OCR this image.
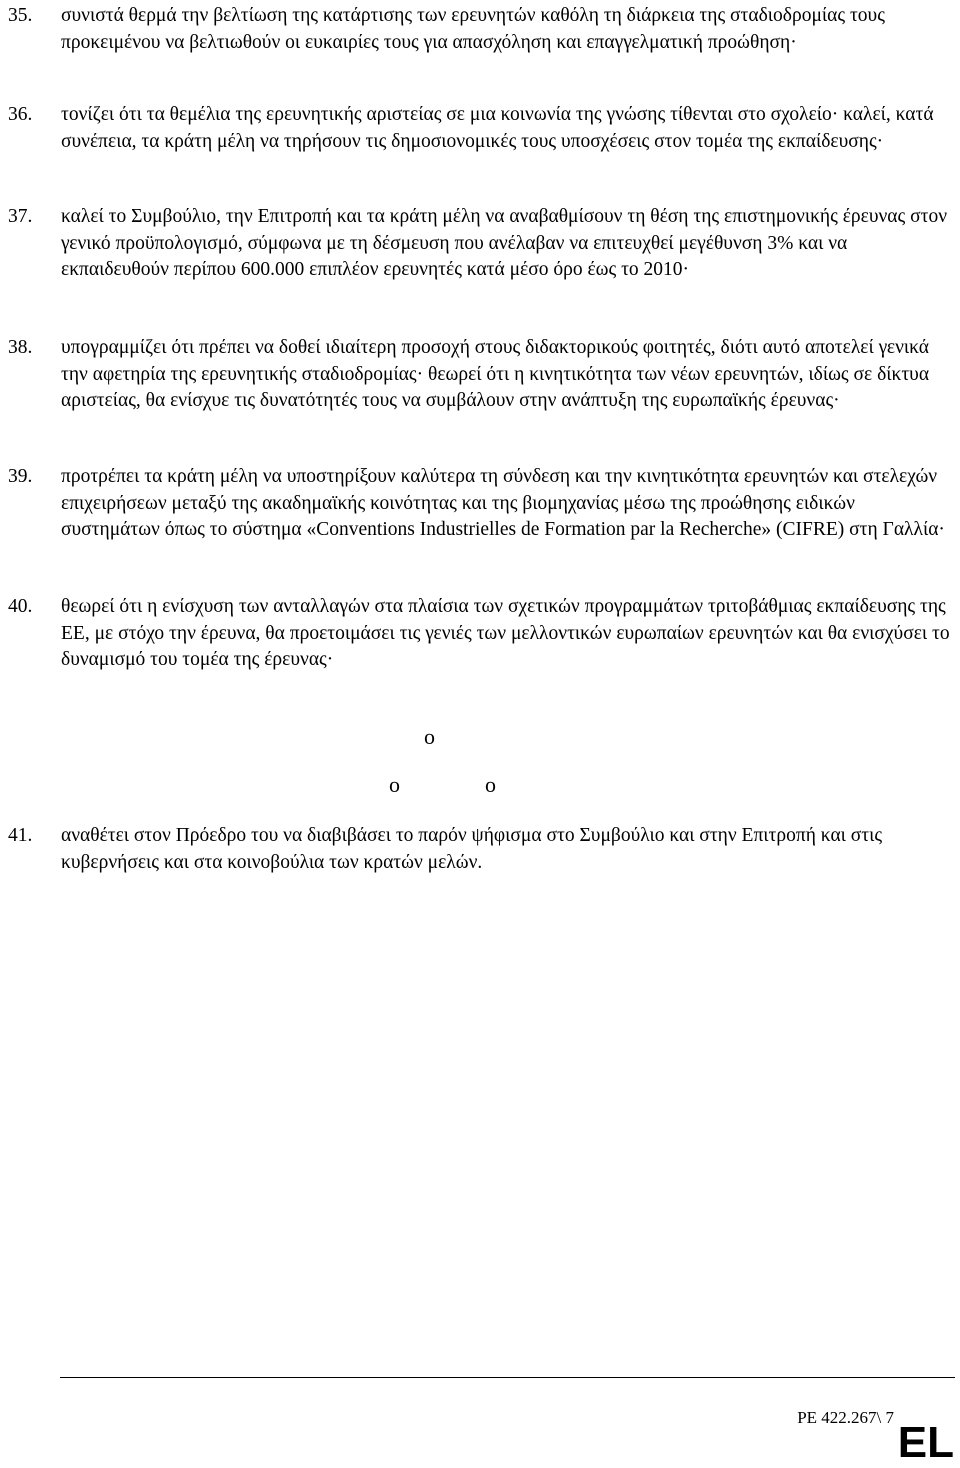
35. συνιστά θερμά την βελτίωση της κατάρτισης των ερευνητών καθόλη τη διάρκεια της σταδιοδρομίας τους προκειμένου να βελτιωθούν οι ευκαιρίες τους για απασχόληση και επαγγελματική προώθηση·
36. τονίζει ότι τα θεμέλια της ερευνητικής αριστείας σε μια κοινωνία της γνώσης τίθενται στο σχολείο· καλεί, κατά συνέπεια, τα κράτη μέλη να τηρήσουν τις δημοσιονομικές τους υποσχέσεις στον τομέα της εκπαίδευσης·
37. καλεί το Συμβούλιο, την Επιτροπή και τα κράτη μέλη να αναβαθμίσουν τη θέση της επιστημονικής έρευνας στον γενικό προϋπολογισμό, σύμφωνα με τη δέσμευση που ανέλαβαν να επιτευχθεί μεγέθυνση 3% και να εκπαιδευθούν περίπου 600.000 επιπλέον ερευνητές κατά μέσο όρο έως το 2010·
38. υπογραμμίζει ότι πρέπει να δοθεί ιδιαίτερη προσοχή στους διδακτορικούς φοιτητές, διότι αυτό αποτελεί γενικά την αφετηρία της ερευνητικής σταδιοδρομίας· θεωρεί ότι η κινητικότητα των νέων ερευνητών, ιδίως σε δίκτυα αριστείας, θα ενίσχυε τις δυνατότητές τους να συμβάλουν στην ανάπτυξη της ευρωπαϊκής έρευνας·
39. προτρέπει τα κράτη μέλη να υποστηρίξουν καλύτερα τη σύνδεση και την κινητικότητα ερευνητών και στελεχών επιχειρήσεων μεταξύ της ακαδημαϊκής κοινότητας και της βιομηχανίας μέσω της προώθησης ειδικών συστημάτων όπως το σύστημα «Conventions Industrielles de Formation par la Recherche» (CIFRE) στη Γαλλία·
40. θεωρεί ότι η ενίσχυση των ανταλλαγών στα πλαίσια των σχετικών προγραμμάτων τριτοβάθμιας εκπαίδευσης της ΕΕ, με στόχο την έρευνα, θα προετοιμάσει τις γενιές των μελλοντικών ευρωπαίων ερευνητών και θα ενισχύσει το δυναμισμό του τομέα της έρευνας·
o
o	o
41. αναθέτει στον Πρόεδρο του να διαβιβάσει το παρόν ψήφισμα στο Συμβούλιο και στην Επιτροπή και στις κυβερνήσεις και στα κοινοβούλια των κρατών μελών.
PE 422.267\ 7
EL
